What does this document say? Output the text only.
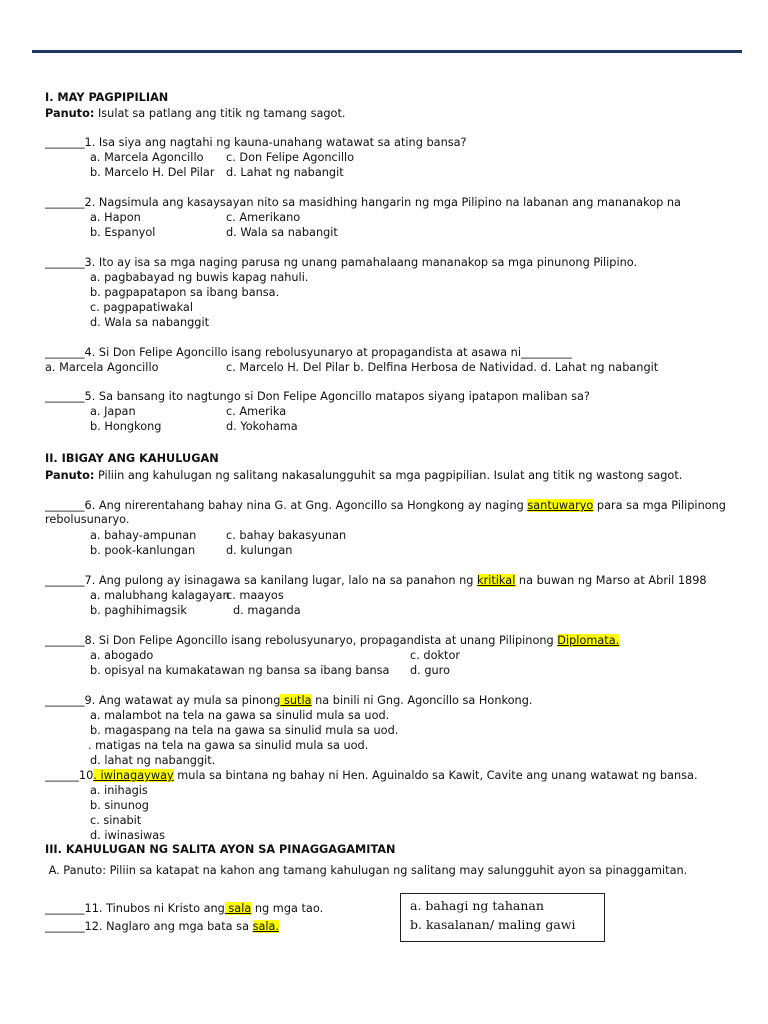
I. MAY PAGPIPILIAN
Panuto: Isulat sa patlang ang titik ng tamang sagot.
_______1. Isa siya ang nagtahi ng kauna-unahang watawat sa ating bansa?
a. Marcela Agoncillo c. Don Felipe Agoncillo
b. Marcelo H. Del Pilar d. Lahat ng nabangit
_______2. Nagsimula ang kasaysayan nito sa masidhing hangarin ng mga Pilipino na labanan ang mananakop na
a. Hapon	c. Amerikano
b. Espanyol	d. Wala sa nabangit
_______3. Ito ay isa sa mga naging parusa ng unang pamahalaang mananakop sa mga pinunong Pilipino.
a. pagbabayad ng buwis kapag nahuli.
b. pagpapatapon sa ibang bansa.
c. pagpapatiwakal
d. Wala sa nabanggit
_______4. Si Don Felipe Agoncillo isang rebolusyunaryo at propagandista at asawa ni_________
a. Marcela Agoncillo	c. Marcelo H. Del Pilar b. Delfina Herbosa de Natividad. d. Lahat ng nabangit
_______5. Sa bansang ito nagtungo si Don Felipe Agoncillo matapos siyang ipatapon maliban sa?
a. Japan	c. Amerika
b. Hongkong	d. Yokohama
II. IBIGAY ANG KAHULUGAN
Panuto: Piliin ang kahulugan ng salitang nakasalungguhit sa mga pagpipilian. Isulat ang titik ng wastong sagot.
_______6. Ang nirerentahang bahay nina G. at Gng. Agoncillo sa Hongkong ay naging santuwaryo para sa mga Pilipinong
rebolusunaryo.
a. bahay-ampunan	c. bahay bakasyunan
b. pook-kanlungan	d. kulungan
_______7. Ang pulong ay isinagawa sa kanilang lugar, lalo na sa panahon ng kritikal na buwan ng Marso at Abril 1898
a. malubhang kalagayan
c. maayos
b. paghihimagsik	d. maganda
_______8. Si Don Felipe Agoncillo isang rebolusyunaryo, propagandista at unang Pilipinong Diplomata.
a. abogado	c. doktor
b. opisyal na kumakatawan ng bansa sa ibang bansa d. guro
_______9. Ang watawat ay mula sa pinong sutla na binili ni Gng. Agoncillo sa Honkong.
a. malambot na tela na gawa sa sinulid mula sa uod.
b. magaspang na tela na gawa sa sinulid mula sa uod.
. matigas na tela na gawa sa sinulid mula sa uod.
d. lahat ng nabanggit.
______10. iwinagayway mula sa bintana ng bahay ni Hen. Aguinaldo sa Kawit, Cavite ang unang watawat ng bansa.
a. inihagis
b. sinunog
c. sinabit
d. iwinasiwas
III. KAHULUGAN NG SALITA AYON SA PINAGGAGAMITAN
A. Panuto: Piliin sa katapat na kahon ang tamang kahulugan ng salitang may salungguhit ayon sa pinaggamitan.
_______11. Tinubos ni Kristo ang sala ng mga tao.
_______12. Naglaro ang mga bata sa sala.
a. bahagi ng tahanan
b. kasalanan/ maling gawi
